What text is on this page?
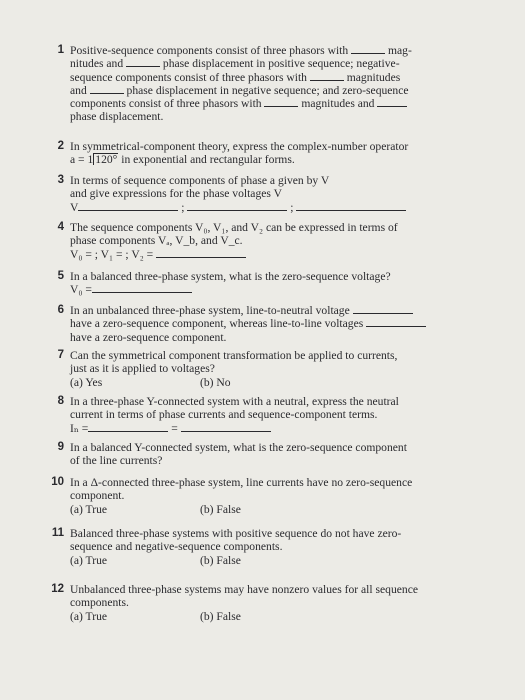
1 Positive-sequence components consist of three phasors with	mag-
nitudes and	phase displacement in positive sequence; negative-
sequence components consist of three phasors with	magnitudes
and	phase displacement in negative sequence; and zero-sequence
components consist of three phasors with	magnitudes and
phase displacement.
2 In symmetrical-component theory, express the complex-number operator
a = 1 120° in exponential and rectangular forms.
3 In terms of sequence components of phase a given by V
and give expressions for the phase voltages V
V	;	;
4 The sequence components V₀, V₁, and V₂ can be expressed in terms of
phase components Vₐ, V_b, and V_c.
V₀ = ; V₁ = ; V₂ =
5 In a balanced three-phase system, what is the zero-sequence voltage?
V₀ =
6 In an unbalanced three-phase system, line-to-neutral voltage
have a zero-sequence component, whereas line-to-line voltages
have a zero-sequence component.
7 Can the symmetrical component transformation be applied to currents,
just as it is applied to voltages?
(a) Yes	(b) No
8 In a three-phase Y-connected system with a neutral, express the neutral
current in terms of phase currents and sequence-component terms.
Iₙ =	=
9 In a balanced Y-connected system, what is the zero-sequence component
of the line currents?
10 In a Δ-connected three-phase system, line currents have no zero-sequence
component.
(a) True	(b) False
11 Balanced three-phase systems with positive sequence do not have zero-
sequence and negative-sequence components.
(a) True	(b) False
12 Unbalanced three-phase systems may have nonzero values for all sequence
components.
(a) True	(b) False
